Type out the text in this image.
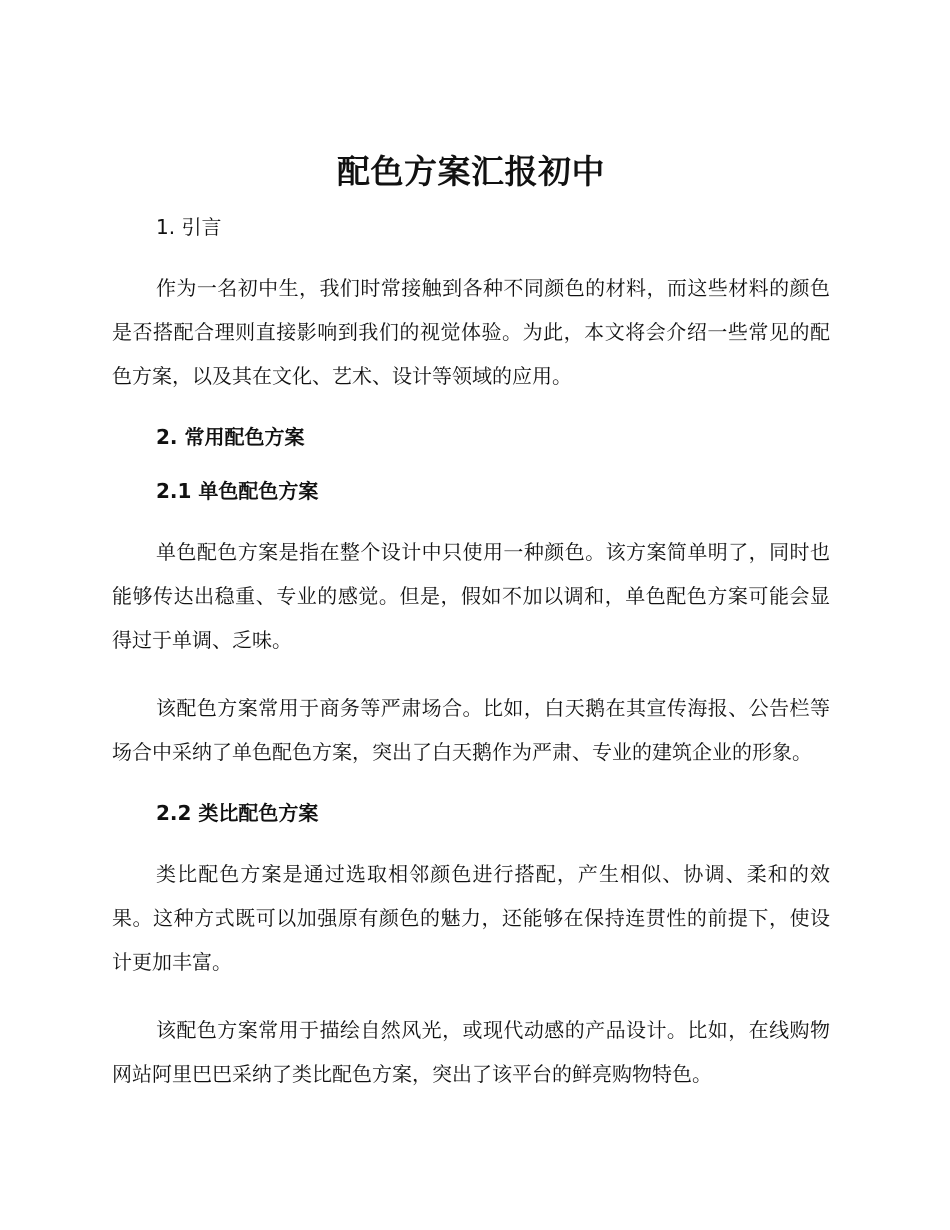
配色方案汇报初中
1. 引言

作为一名初中生，我们时常接触到各种不同颜色的材料，而这些材料的颜色是否搭配合理则直接影响到我们的视觉体验。为此，本文将会介绍一些常见的配色方案，以及其在文化、艺术、设计等领域的应用。

2. 常用配色方案
2.1 单色配色方案

单色配色方案是指在整个设计中只使用一种颜色。该方案简单明了，同时也能够传达出稳重、专业的感觉。但是，假如不加以调和，单色配色方案可能会显得过于单调、乏味。

该配色方案常用于商务等严肃场合。比如，白天鹅在其宣传海报、公告栏等场合中采纳了单色配色方案，突出了白天鹅作为严肃、专业的建筑企业的形象。

2.2 类比配色方案

类比配色方案是通过选取相邻颜色进行搭配，产生相似、协调、柔和的效果。这种方式既可以加强原有颜色的魅力，还能够在保持连贯性的前提下，使设计更加丰富。

该配色方案常用于描绘自然风光，或现代动感的产品设计。比如，在线购物网站阿里巴巴采纳了类比配色方案，突出了该平台的鲜亮购物特色。
